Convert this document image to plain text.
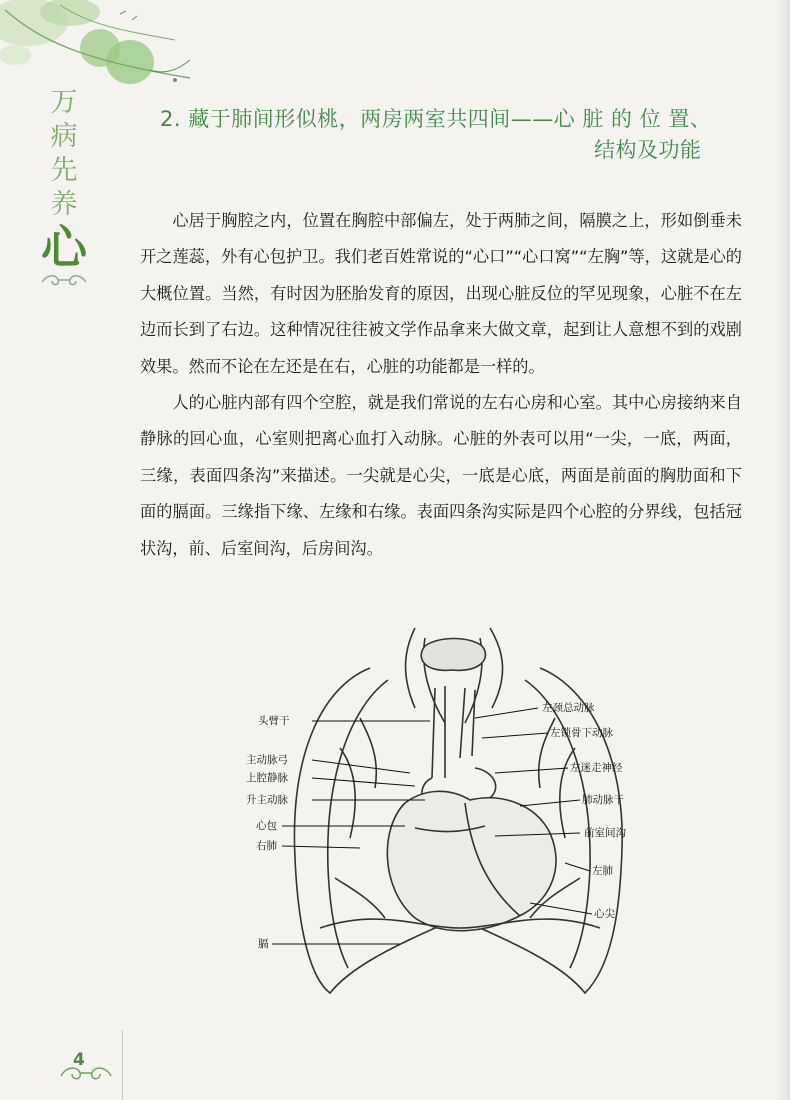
万
病
先
养
心
2. 藏于肺间形似桃，两房两室共四间——心 脏 的 位 置、
结构及功能

心居于胸腔之内，位置在胸腔中部偏左，处于两肺之间，隔膜之上，形如倒垂未开之莲蕊，外有心包护卫。我们老百姓常说的“心口”“心口窝”“左胸”等，这就是心的大概位置。当然，有时因为胚胎发育的原因，出现心脏反位的罕见现象，心脏不在左边而长到了右边。这种情况往往被文学作品拿来大做文章，起到让人意想不到的戏剧效果。然而不论在左还是在右，心脏的功能都是一样的。

人的心脏内部有四个空腔，就是我们常说的左右心房和心室。其中心房接纳来自静脉的回心血，心室则把离心血打入动脉。心脏的外表可以用“一尖，一底，两面，三缘，表面四条沟”来描述。一尖就是心尖，一底是心底，两面是前面的胸肋面和下面的膈面。三缘指下缘、左缘和右缘。表面四条沟实际是四个心腔的分界线，包括冠状沟，前、后室间沟，后房间沟。

头臂干
主动脉弓
上腔静脉
升主动脉
心包
右肺
膈
左颈总动脉
左锁骨下动脉
左迷走神经
肺动脉干
前室间沟
左肺
心尖
4
